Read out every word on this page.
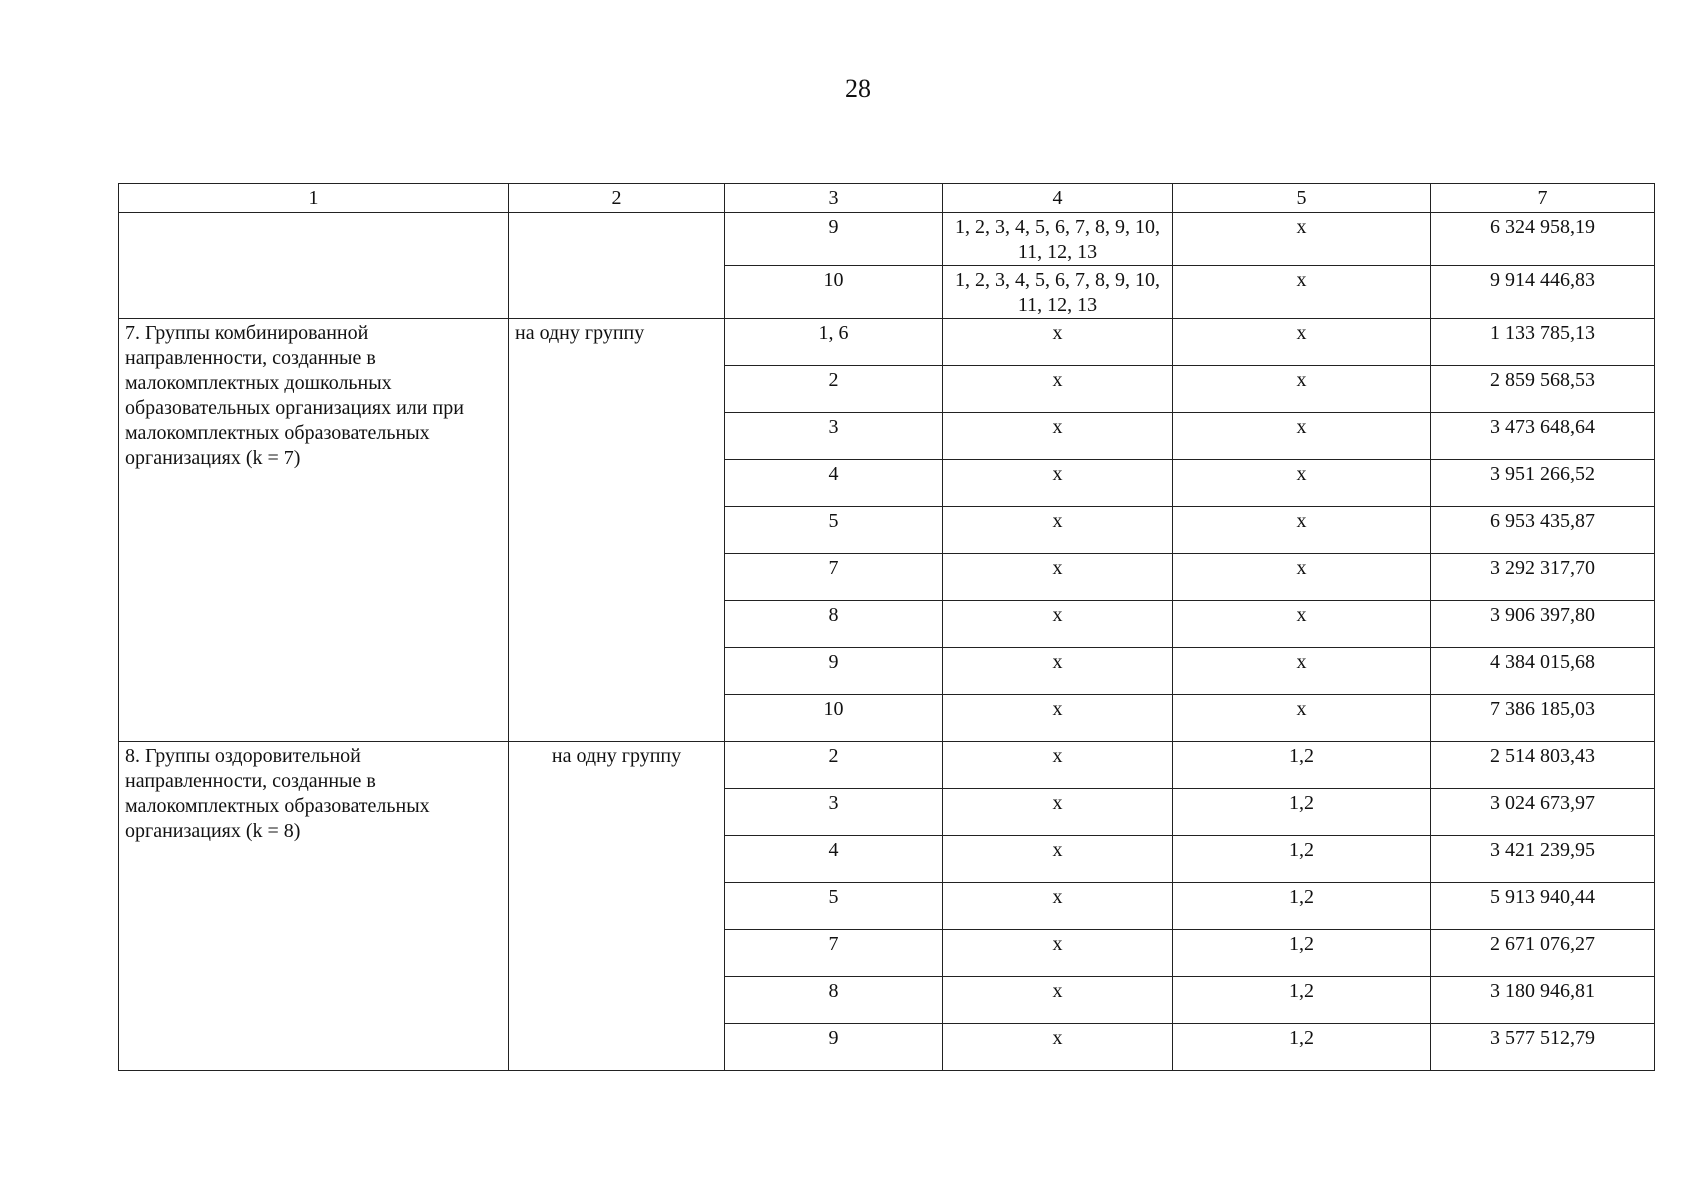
28
1	2	3	4	5	7
		9	1, 2, 3, 4, 5, 6, 7, 8, 9, 10, 11, 12, 13	x	6 324 958,19
		10	1, 2, 3, 4, 5, 6, 7, 8, 9, 10, 11, 12, 13	x	9 914 446,83
7. Группы комбинированной направленности, созданные в малокомплектных дошкольных образовательных организациях или при малокомплектных образовательных организациях (k = 7)	на одну группу	1, 6	x	x	1 133 785,13
		2	x	x	2 859 568,53
		3	x	x	3 473 648,64
		4	x	x	3 951 266,52
		5	x	x	6 953 435,87
		7	x	x	3 292 317,70
		8	x	x	3 906 397,80
		9	x	x	4 384 015,68
		10	x	x	7 386 185,03
8. Группы оздоровительной направленности, созданные в малокомплектных образовательных организациях (k = 8)	на одну группу	2	x	1,2	2 514 803,43
		3	x	1,2	3 024 673,97
		4	x	1,2	3 421 239,95
		5	x	1,2	5 913 940,44
		7	x	1,2	2 671 076,27
		8	x	1,2	3 180 946,81
		9	x	1,2	3 577 512,79
